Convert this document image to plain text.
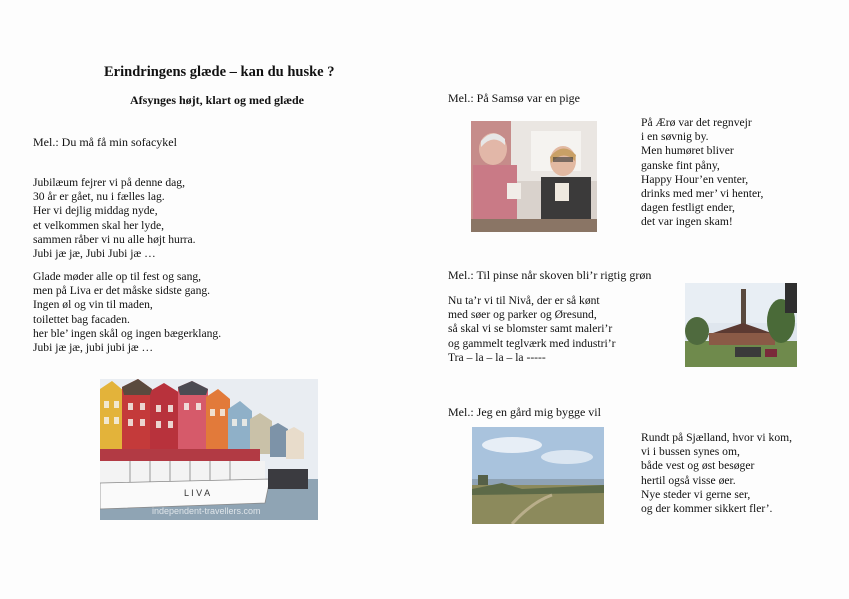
Erindringens glæde – kan du huske ?
Afsynges højt, klart og med glæde
Mel.: Du må få min sofacykel
Jubilæum fejrer vi på denne dag,
30 år er gået, nu i fælles lag.
Her vi dejlig middag nyde,
et velkommen skal her lyde,
sammen råber vi nu alle højt hurra.
Jubi jæ jæ, Jubi Jubi jæ …
Glade møder alle op til fest og sang,
men på Liva er det måske sidste gang.
Ingen øl og vin til maden,
toilettet bag facaden.
her ble’ ingen skål og ingen bægerklang.
Jubi jæ jæ, jubi jubi jæ …
L I V A
independent-travellers.com
Mel.: På Samsø var en pige
På Ærø var det regnvejr
i en søvnig by.
Men humøret bliver
ganske fint påny,
Happy Hour’en venter,
drinks med mer’ vi henter,
dagen festligt ender,
det var ingen skam!
Mel.: Til pinse når skoven bli’r rigtig grøn
Nu ta’r vi til Nivå, der er så kønt
med søer og parker og Øresund,
så skal vi se blomster samt maleri’r
og gammelt teglværk med industri’r
Tra – la – la – la -----
Mel.: Jeg en gård mig bygge vil
Rundt på Sjælland, hvor vi kom,
vi i bussen synes om,
både vest og øst besøger
hertil også visse øer.
Nye steder vi gerne ser,
og der kommer sikkert fler’.
